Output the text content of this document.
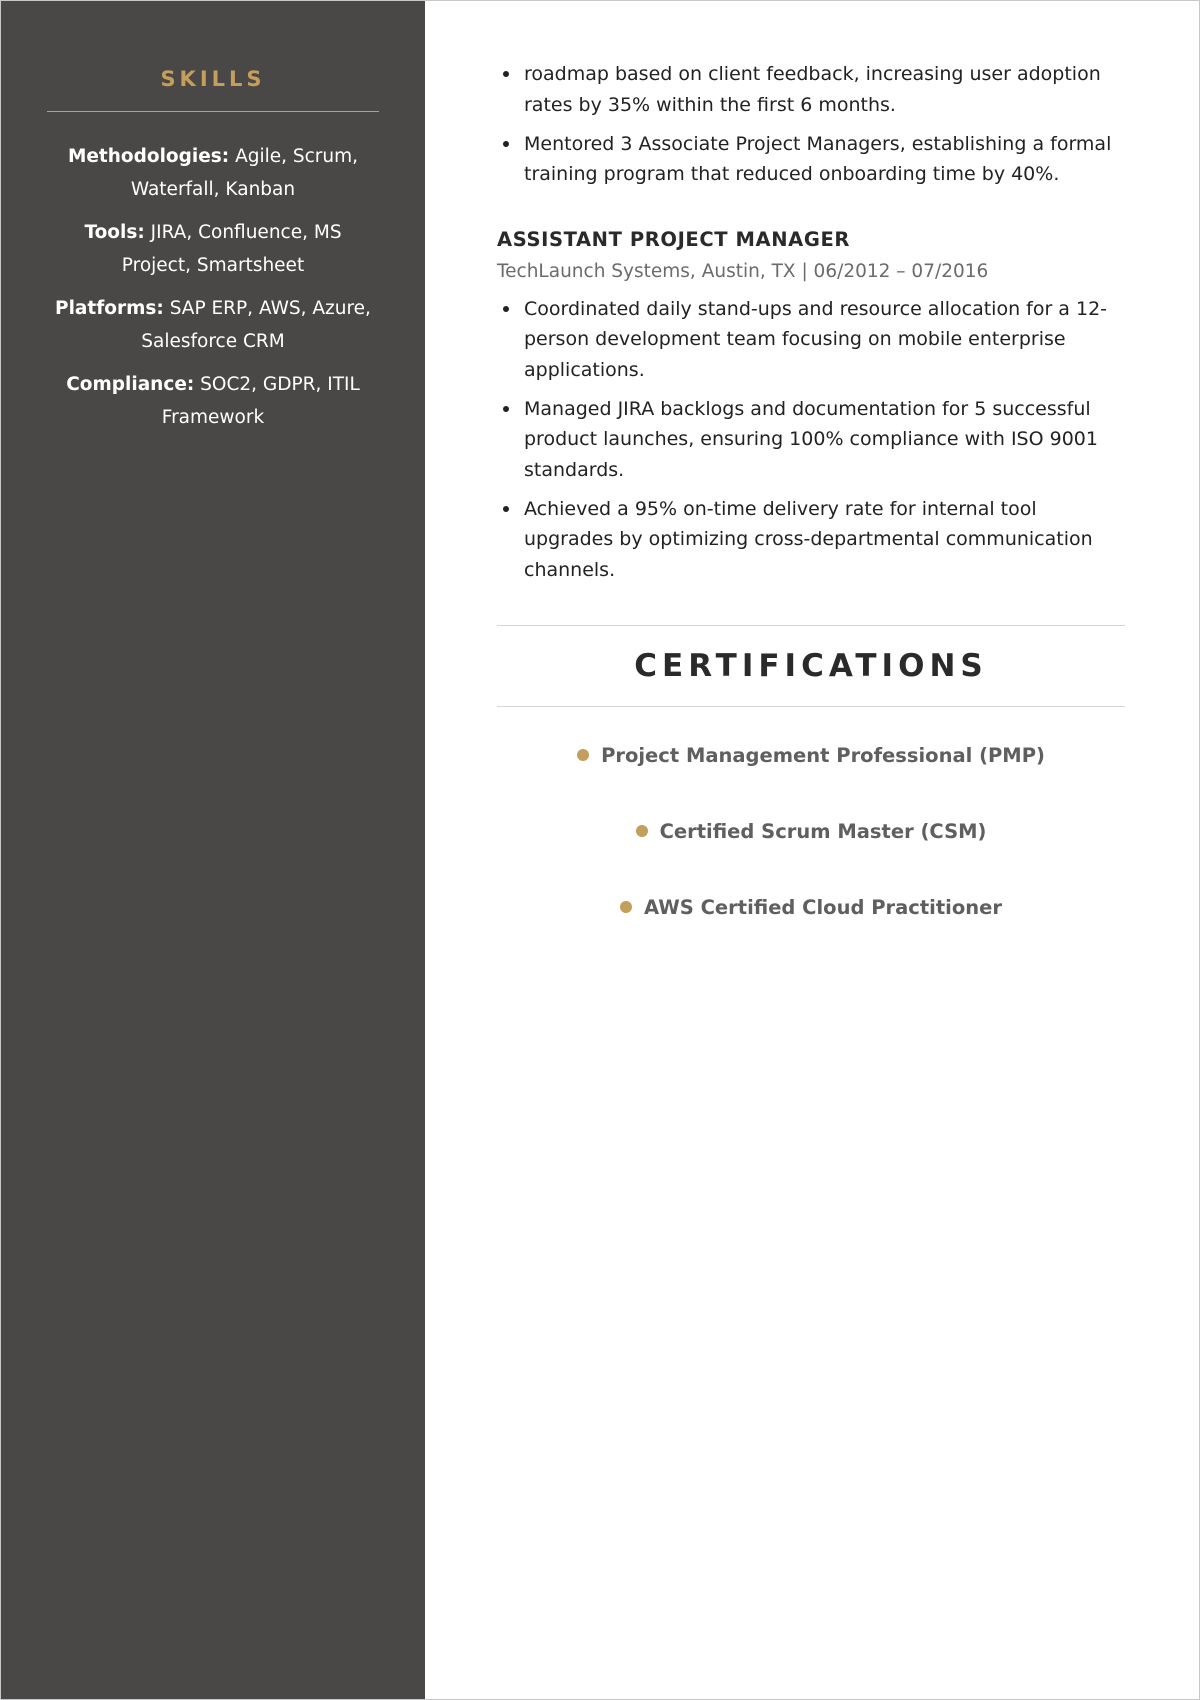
SKILLS

Methodologies: Agile, Scrum, Waterfall, Kanban

Tools: JIRA, Confluence, MS Project, Smartsheet

Platforms: SAP ERP, AWS, Azure, Salesforce CRM

Compliance: SOC2, GDPR, ITIL Framework

roadmap based on client feedback, increasing user adoption rates by 35% within the first 6 months.
Mentored 3 Associate Project Managers, establishing a formal training program that reduced onboarding time by 40%.
ASSISTANT PROJECT MANAGER

TechLaunch Systems, Austin, TX | 06/2012 – 07/2016

Coordinated daily stand-ups and resource allocation for a 12-person development team focusing on mobile enterprise applications.
Managed JIRA backlogs and documentation for 5 successful product launches, ensuring 100% compliance with ISO 9001 standards.
Achieved a 95% on-time delivery rate for internal tool upgrades by optimizing cross-departmental communication channels.
CERTIFICATIONS
Project Management Professional (PMP)
Certified Scrum Master (CSM)
AWS Certified Cloud Practitioner
